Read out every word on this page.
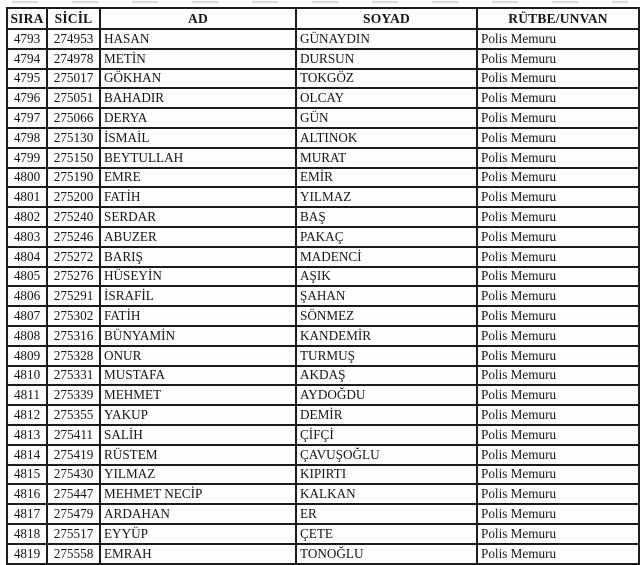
SIRA	SİCİL	AD	SOYAD	RÜTBE/UNVAN
4793	274953	HASAN	GÜNAYDIN	Polis Memuru
4794	274978	METİN	DURSUN	Polis Memuru
4795	275017	GÖKHAN	TOKGÖZ	Polis Memuru
4796	275051	BAHADIR	OLCAY	Polis Memuru
4797	275066	DERYA	GÜN	Polis Memuru
4798	275130	İSMAİL	ALTINOK	Polis Memuru
4799	275150	BEYTULLAH	MURAT	Polis Memuru
4800	275190	EMRE	EMİR	Polis Memuru
4801	275200	FATİH	YILMAZ	Polis Memuru
4802	275240	SERDAR	BAŞ	Polis Memuru
4803	275246	ABUZER	PAKAÇ	Polis Memuru
4804	275272	BARIŞ	MADENCİ	Polis Memuru
4805	275276	HÜSEYİN	AŞIK	Polis Memuru
4806	275291	İSRAFİL	ŞAHAN	Polis Memuru
4807	275302	FATİH	SÖNMEZ	Polis Memuru
4808	275316	BÜNYAMİN	KANDEMİR	Polis Memuru
4809	275328	ONUR	TURMUŞ	Polis Memuru
4810	275331	MUSTAFA	AKDAŞ	Polis Memuru
4811	275339	MEHMET	AYDOĞDU	Polis Memuru
4812	275355	YAKUP	DEMİR	Polis Memuru
4813	275411	SALİH	ÇİFÇİ	Polis Memuru
4814	275419	RÜSTEM	ÇAVUŞOĞLU	Polis Memuru
4815	275430	YILMAZ	KIPIRTI	Polis Memuru
4816	275447	MEHMET NECİP	KALKAN	Polis Memuru
4817	275479	ARDAHAN	ER	Polis Memuru
4818	275517	EYYÜP	ÇETE	Polis Memuru
4819	275558	EMRAH	TONOĞLU	Polis Memuru
